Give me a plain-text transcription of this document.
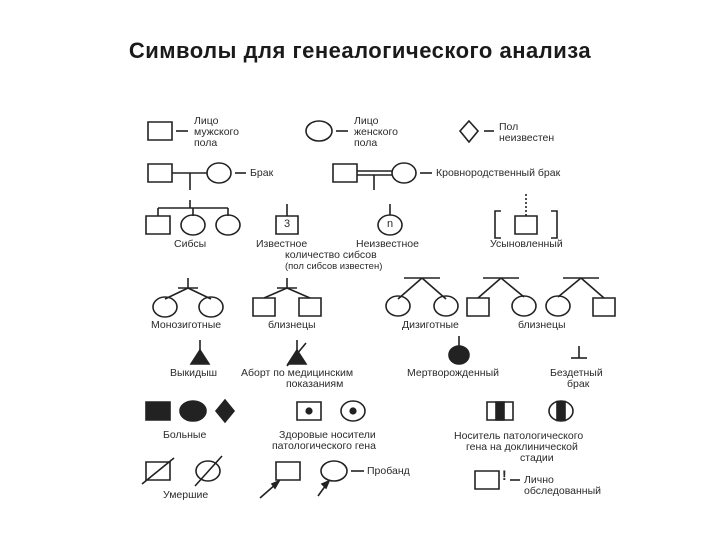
Символы для генеалогического анализа
Лицо
мужского
пола
Лицо
женского
пола
Пол
неизвестен
Брак	Кровнородственный брак
Сибсы
3	n
Известное	Неизвестное
количество сибсов
(пол сибсов известен)
Усыновленный
Монозиготные	близнецы	Дизиготные	близнецы
Выкидыш Аборт по медицинским
показаниям
Мертворожденный	Бездетный
брак
Больные	Здоровые носители
патологического гена
Носитель патологического
гена на доклинической
стадии
Умершие
Пробанд	! Лично
обследованный
